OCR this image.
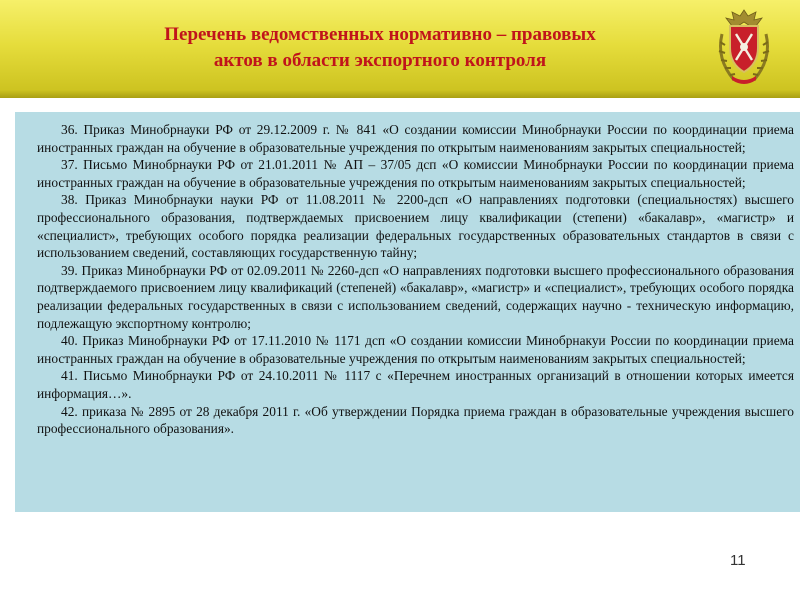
Перечень ведомственных нормативно – правовых
актов в области экспортного контроля
36. Приказ Минобрнауки РФ от 29.12.2009 г. № 841 «О создании комиссии Минобрнауки России по координации приема иностранных граждан на обучение в образовательные учреждения по открытым наименованиям закрытых специальностей;
37. Письмо Минобрнауки РФ от 21.01.2011 № АП – 37/05 дсп «О комиссии Минобрнауки России по координации приема иностранных граждан на обучение в образовательные учреждения по открытым наименованиям закрытых специальностей;
38. Приказ Минобрнауки науки РФ от 11.08.2011 № 2200-дсп «О направлениях подготовки (специальностях) высшего профессионального образования, подтверждаемых присвоением лицу квалификации (степени) «бакалавр», «магистр» и «специалист», требующих особого порядка реализации федеральных государственных образовательных стандартов в связи с использованием сведений, составляющих государственную тайну;
39. Приказ Минобрнауки РФ от 02.09.2011 № 2260-дсп «О направлениях подготовки высшего профессионального образования подтверждаемого присвоением лицу квалификаций (степеней) «бакалавр», «магистр» и «специалист», требующих особого порядка реализации федеральных государственных в связи с использованием сведений, содержащих научно - техническую информацию, подлежащую экспортному контролю;
40. Приказ Минобрнауки РФ от 17.11.2010 № 1171 дсп «О создании комиссии Минобрнакуи России по координации приема иностранных граждан на обучение в образовательные учреждения по открытым наименованиям закрытых специальностей;
41. Письмо Минобрнауки РФ от 24.10.2011 № 1117 с «Перечнем иностранных организаций в отношении которых имеется информация…».
42. приказа № 2895 от 28 декабря 2011 г. «Об утверждении Порядка приема граждан в образовательные учреждения высшего профессионального образования».
11
